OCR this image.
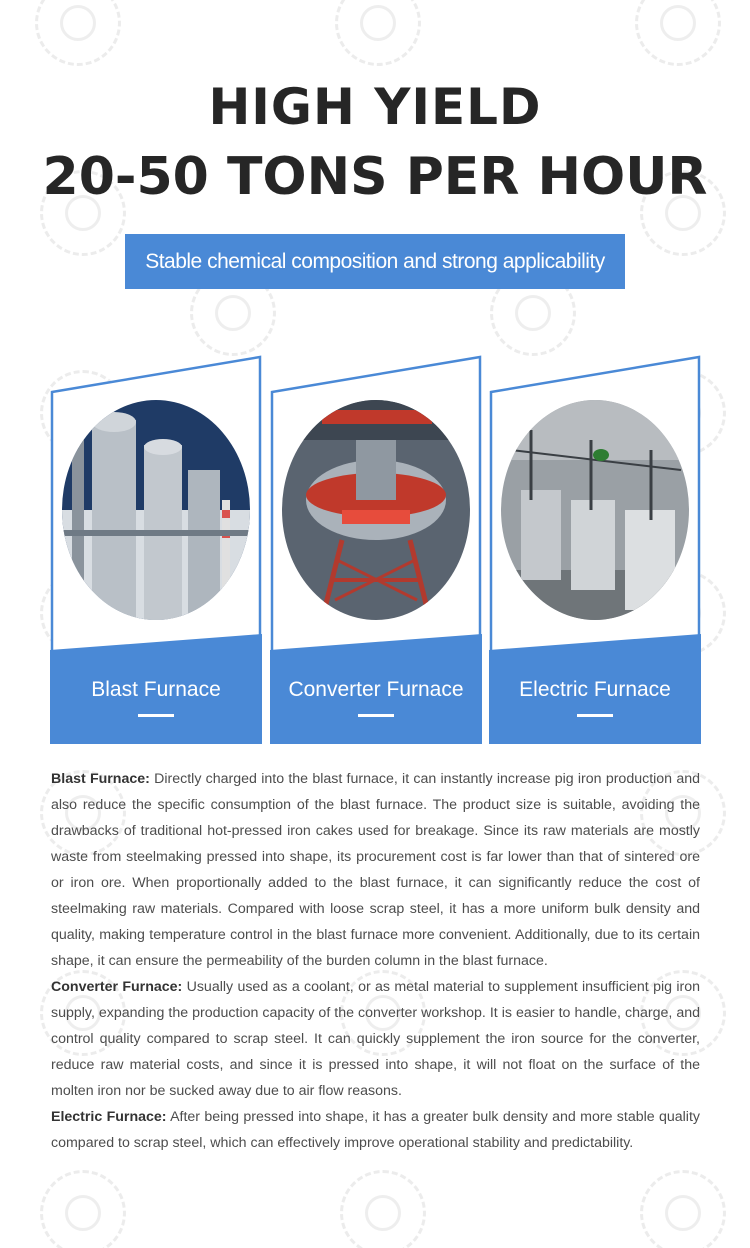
HIGH YIELD
20-50 TONS PER HOUR
Stable chemical composition and strong applicability
Blast Furnace	Converter Furnace	Electric Furnace

Blast Furnace: Directly charged into the blast furnace, it can instantly increase pig iron production and also reduce the specific consumption of the blast furnace. The product size is suitable, avoiding the drawbacks of traditional hot-pressed iron cakes used for breakage. Since its raw materials are mostly waste from steelmaking pressed into shape, its procurement cost is far lower than that of sintered ore or iron ore. When proportionally added to the blast furnace, it can significantly reduce the cost of steelmaking raw materials. Compared with loose scrap steel, it has a more uniform bulk density and quality, making temperature control in the blast furnace more convenient. Additionally, due to its certain shape, it can ensure the permeability of the burden column in the blast furnace.

Converter Furnace: Usually used as a coolant, or as metal material to supplement insufficient pig iron supply, expanding the production capacity of the converter workshop. It is easier to handle, charge, and control quality compared to scrap steel. It can quickly supplement the iron source for the converter, reduce raw material costs, and since it is pressed into shape, it will not float on the surface of the molten iron nor be sucked away due to air flow reasons.

Electric Furnace: After being pressed into shape, it has a greater bulk density and more stable quality compared to scrap steel, which can effectively improve operational stability and predictability.
